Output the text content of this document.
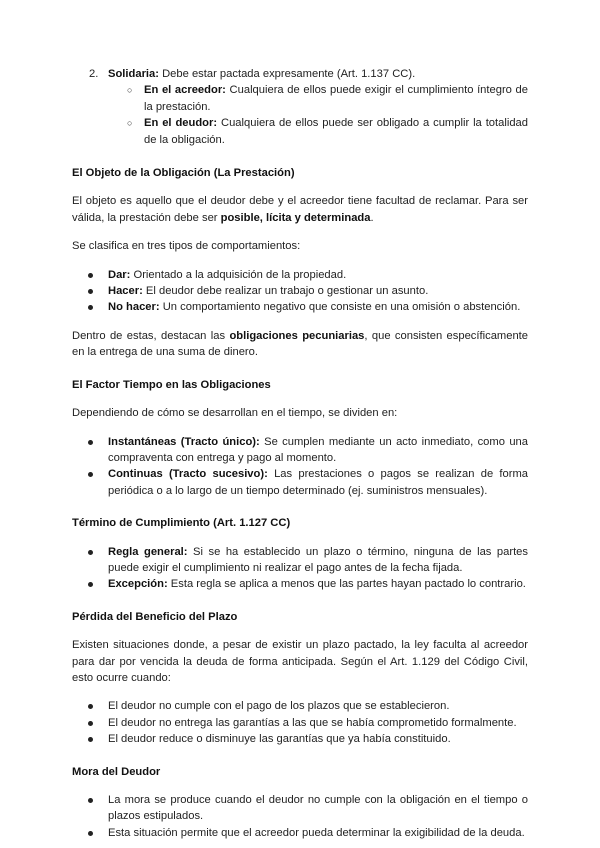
2. Solidaria: Debe estar pactada expresamente (Art. 1.137 CC).
○ En el acreedor: Cualquiera de ellos puede exigir el cumplimiento íntegro de la prestación.
○ En el deudor: Cualquiera de ellos puede ser obligado a cumplir la totalidad de la obligación.
El Objeto de la Obligación (La Prestación)

El objeto es aquello que el deudor debe y el acreedor tiene facultad de reclamar. Para ser válida, la prestación debe ser posible, lícita y determinada.

Se clasifica en tres tipos de comportamientos:

Dar: Orientado a la adquisición de la propiedad.
Hacer: El deudor debe realizar un trabajo o gestionar un asunto.
No hacer: Un comportamiento negativo que consiste en una omisión o abstención.

Dentro de estas, destacan las obligaciones pecuniarias, que consisten específicamente en la entrega de una suma de dinero.

El Factor Tiempo en las Obligaciones

Dependiendo de cómo se desarrollan en el tiempo, se dividen en:

Instantáneas (Tracto único): Se cumplen mediante un acto inmediato, como una compraventa con entrega y pago al momento.
Continuas (Tracto sucesivo): Las prestaciones o pagos se realizan de forma periódica o a lo largo de un tiempo determinado (ej. suministros mensuales).
Término de Cumplimiento (Art. 1.127 CC)
Regla general: Si se ha establecido un plazo o término, ninguna de las partes puede exigir el cumplimiento ni realizar el pago antes de la fecha fijada.
Excepción: Esta regla se aplica a menos que las partes hayan pactado lo contrario.
Pérdida del Beneficio del Plazo

Existen situaciones donde, a pesar de existir un plazo pactado, la ley faculta al acreedor para dar por vencida la deuda de forma anticipada. Según el Art. 1.129 del Código Civil, esto ocurre cuando:

El deudor no cumple con el pago de los plazos que se establecieron.
El deudor no entrega las garantías a las que se había comprometido formalmente.
El deudor reduce o disminuye las garantías que ya había constituido.
Mora del Deudor
La mora se produce cuando el deudor no cumple con la obligación en el tiempo o plazos estipulados.
Esta situación permite que el acreedor pueda determinar la exigibilidad de la deuda.
